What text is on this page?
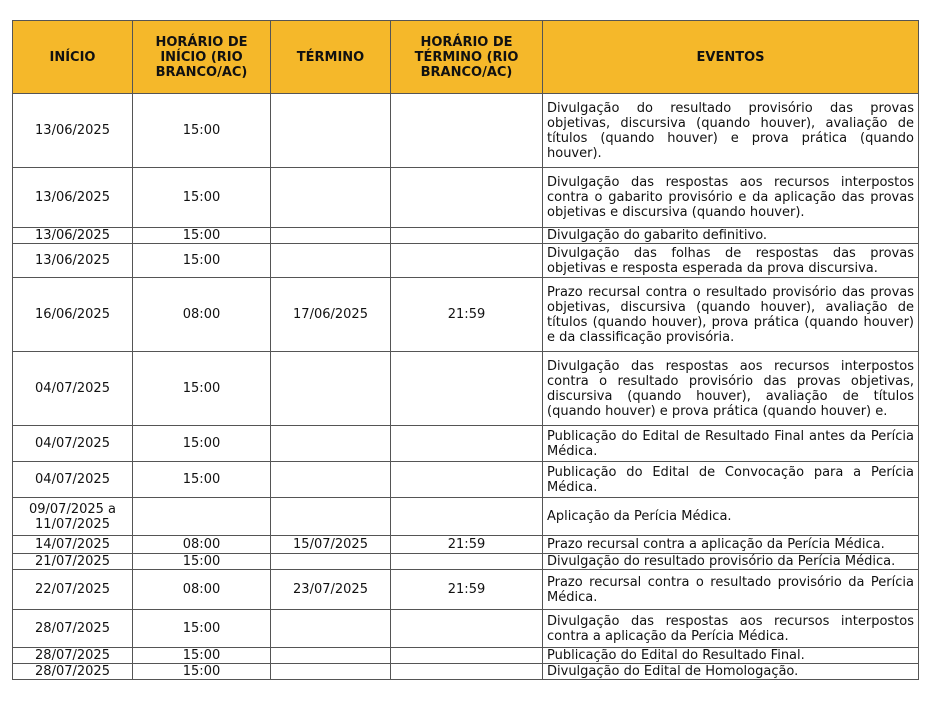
INÍCIO	HORÁRIO DE INÍCIO (RIO BRANCO/AC)	TÉRMINO	HORÁRIO DE TÉRMINO (RIO BRANCO/AC)	EVENTOS
13/06/2025	15:00			Divulgação do resultado provisório das provas objetivas, discursiva (quando houver), avaliação de títulos (quando houver) e prova prática (quando houver).
13/06/2025	15:00			Divulgação das respostas aos recursos interpostos contra o gabarito provisório e da aplicação das provas objetivas e discursiva (quando houver).
13/06/2025	15:00			Divulgação do gabarito definitivo.
13/06/2025	15:00			Divulgação das folhas de respostas das provas objetivas e resposta esperada da prova discursiva.
16/06/2025	08:00	17/06/2025	21:59	Prazo recursal contra o resultado provisório das provas objetivas, discursiva (quando houver), avaliação de títulos (quando houver), prova prática (quando houver) e da classificação provisória.
04/07/2025	15:00			Divulgação das respostas aos recursos interpostos contra o resultado provisório das provas objetivas, discursiva (quando houver), avaliação de títulos (quando houver) e prova prática (quando houver) e.
04/07/2025	15:00			Publicação do Edital de Resultado Final antes da Perícia Médica.
04/07/2025	15:00			Publicação do Edital de Convocação para a Perícia Médica.
09/07/2025 a 11/07/2025				Aplicação da Perícia Médica.
14/07/2025	08:00	15/07/2025	21:59	Prazo recursal contra a aplicação da Perícia Médica.
21/07/2025	15:00			Divulgação do resultado provisório da Perícia Médica.
22/07/2025	08:00	23/07/2025	21:59	Prazo recursal contra o resultado provisório da Perícia Médica.
28/07/2025	15:00			Divulgação das respostas aos recursos interpostos contra a aplicação da Perícia Médica.
28/07/2025	15:00			Publicação do Edital do Resultado Final.
28/07/2025	15:00			Divulgação do Edital de Homologação.
